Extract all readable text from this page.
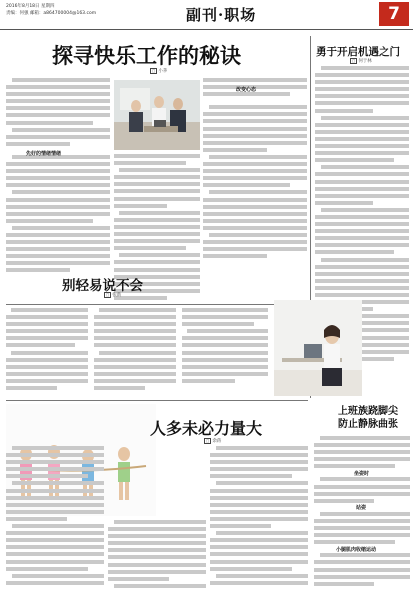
2016年8月18日 星期四
责编：何强 邮箱：a864700004@163.com	副刊·职场	7
探寻快乐工作的秘诀
□ 小茅
先好的情绪情绪
改变心态
勇于开启机遇之门
□ 何于林
别轻易说不会
□ 张新
上班族跷脚尖
防止静脉曲张
坐姿时
站姿
小腿肌肉收缩运动
人多未必力量大
□ 余蒋
